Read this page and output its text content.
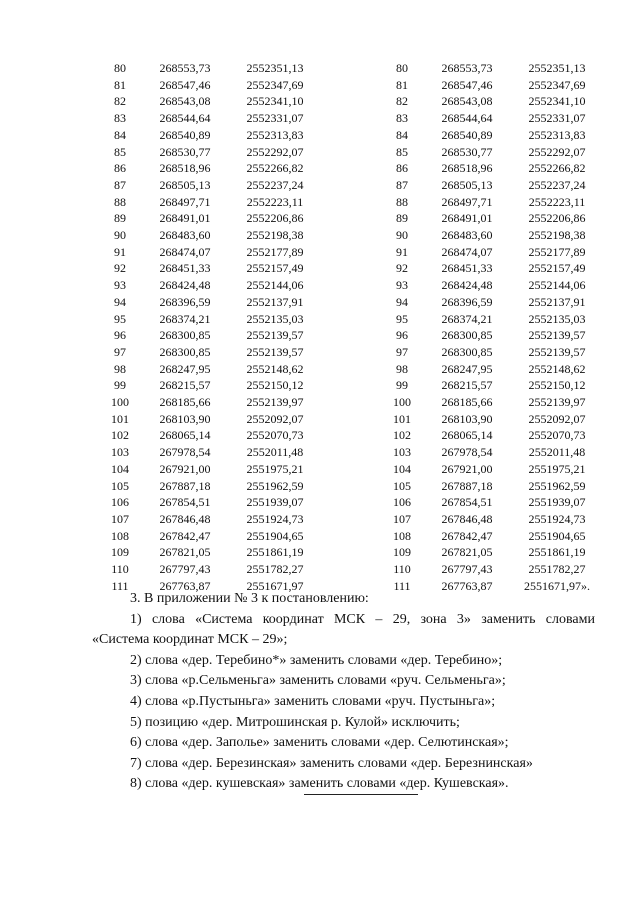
80	268553,73	2552351,13
81	268547,46	2552347,69
82	268543,08	2552341,10
83	268544,64	2552331,07
84	268540,89	2552313,83
85	268530,77	2552292,07
86	268518,96	2552266,82
87	268505,13	2552237,24
88	268497,71	2552223,11
89	268491,01	2552206,86
90	268483,60	2552198,38
91	268474,07	2552177,89
92	268451,33	2552157,49
93	268424,48	2552144,06
94	268396,59	2552137,91
95	268374,21	2552135,03
96	268300,85	2552139,57
97	268300,85	2552139,57
98	268247,95	2552148,62
99	268215,57	2552150,12
100	268185,66	2552139,97
101	268103,90	2552092,07
102	268065,14	2552070,73
103	267978,54	2552011,48
104	267921,00	2551975,21
105	267887,18	2551962,59
106	267854,51	2551939,07
107	267846,48	2551924,73
108	267842,47	2551904,65
109	267821,05	2551861,19
110	267797,43	2551782,27
111	267763,87	2551671,97
80	268553,73	2552351,13
81	268547,46	2552347,69
82	268543,08	2552341,10
83	268544,64	2552331,07
84	268540,89	2552313,83
85	268530,77	2552292,07
86	268518,96	2552266,82
87	268505,13	2552237,24
88	268497,71	2552223,11
89	268491,01	2552206,86
90	268483,60	2552198,38
91	268474,07	2552177,89
92	268451,33	2552157,49
93	268424,48	2552144,06
94	268396,59	2552137,91
95	268374,21	2552135,03
96	268300,85	2552139,57
97	268300,85	2552139,57
98	268247,95	2552148,62
99	268215,57	2552150,12
100	268185,66	2552139,97
101	268103,90	2552092,07
102	268065,14	2552070,73
103	267978,54	2552011,48
104	267921,00	2551975,21
105	267887,18	2551962,59
106	267854,51	2551939,07
107	267846,48	2551924,73
108	267842,47	2551904,65
109	267821,05	2551861,19
110	267797,43	2551782,27
111	267763,87	2551671,97».

3. В приложении № 3 к постановлению:

1) слова «Система координат МСК – 29, зона 3» заменить словами

«Система координат МСК – 29»;

2) слова «дер. Теребино*» заменить словами «дер. Теребино»;

3) слова «р.Сельменьга» заменить словами «руч. Сельменьга»;

4) слова «р.Пустыньга» заменить словами «руч. Пустыньга»;

5) позицию «дер. Митрошинская р. Кулой» исключить;

6) слова «дер. Заполье» заменить словами «дер. Селютинская»;

7) слова «дер. Березинская» заменить словами «дер. Березнинская»

8) слова «дер. кушевская» заменить словами «дер. Кушевская».
